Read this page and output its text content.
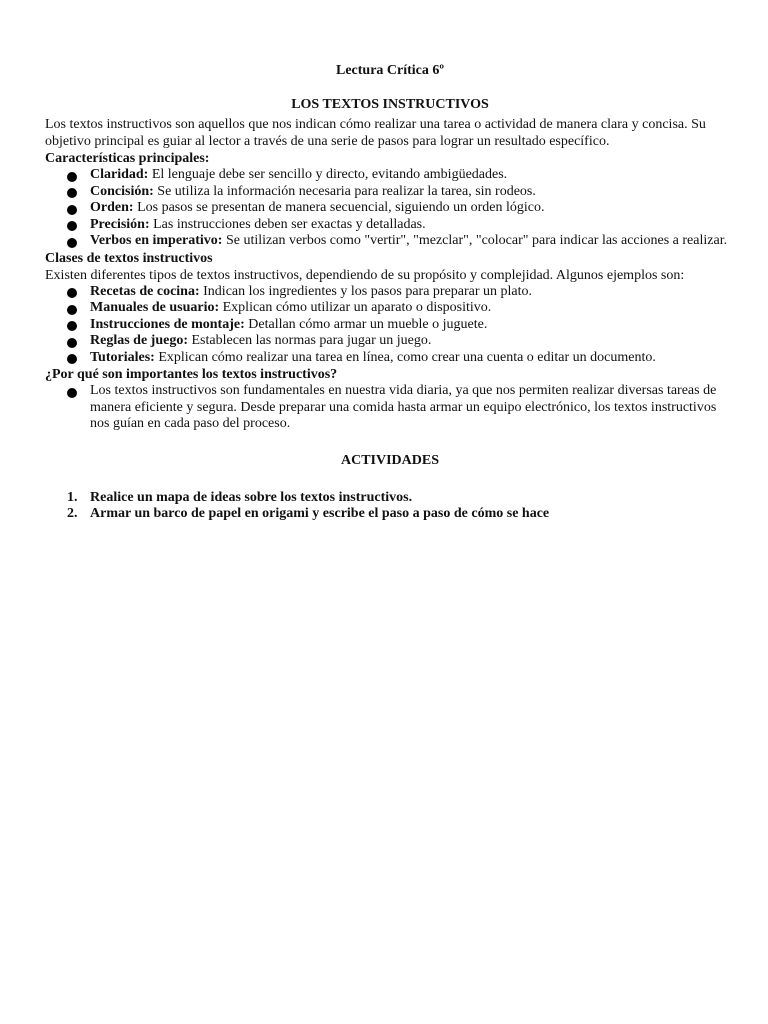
Lectura Crítica 6º

LOS TEXTOS INSTRUCTIVOS

Los textos instructivos son aquellos que nos indican cómo realizar una tarea o actividad de manera clara y concisa. Su objetivo principal es guiar al lector a través de una serie de pasos para lograr un resultado específico.

Características principales:
Claridad: El lenguaje debe ser sencillo y directo, evitando ambigüedades.
Concisión: Se utiliza la información necesaria para realizar la tarea, sin rodeos.
Orden: Los pasos se presentan de manera secuencial, siguiendo un orden lógico.
Precisión: Las instrucciones deben ser exactas y detalladas.
Verbos en imperativo: Se utilizan verbos como "vertir", "mezclar", "colocar" para indicar las acciones a realizar.
Clases de textos instructivos

Existen diferentes tipos de textos instructivos, dependiendo de su propósito y complejidad. Algunos ejemplos son:

Recetas de cocina: Indican los ingredientes y los pasos para preparar un plato.
Manuales de usuario: Explican cómo utilizar un aparato o dispositivo.
Instrucciones de montaje: Detallan cómo armar un mueble o juguete.
Reglas de juego: Establecen las normas para jugar un juego.
Tutoriales: Explican cómo realizar una tarea en línea, como crear una cuenta o editar un documento.
¿Por qué son importantes los textos instructivos?
Los textos instructivos son fundamentales en nuestra vida diaria, ya que nos permiten realizar diversas tareas de manera eficiente y segura. Desde preparar una comida hasta armar un equipo electrónico, los textos instructivos nos guían en cada paso del proceso.

ACTIVIDADES

1. Realice un mapa de ideas sobre los textos instructivos.
2. Armar un barco de papel en origami y escribe el paso a paso de cómo se hace
